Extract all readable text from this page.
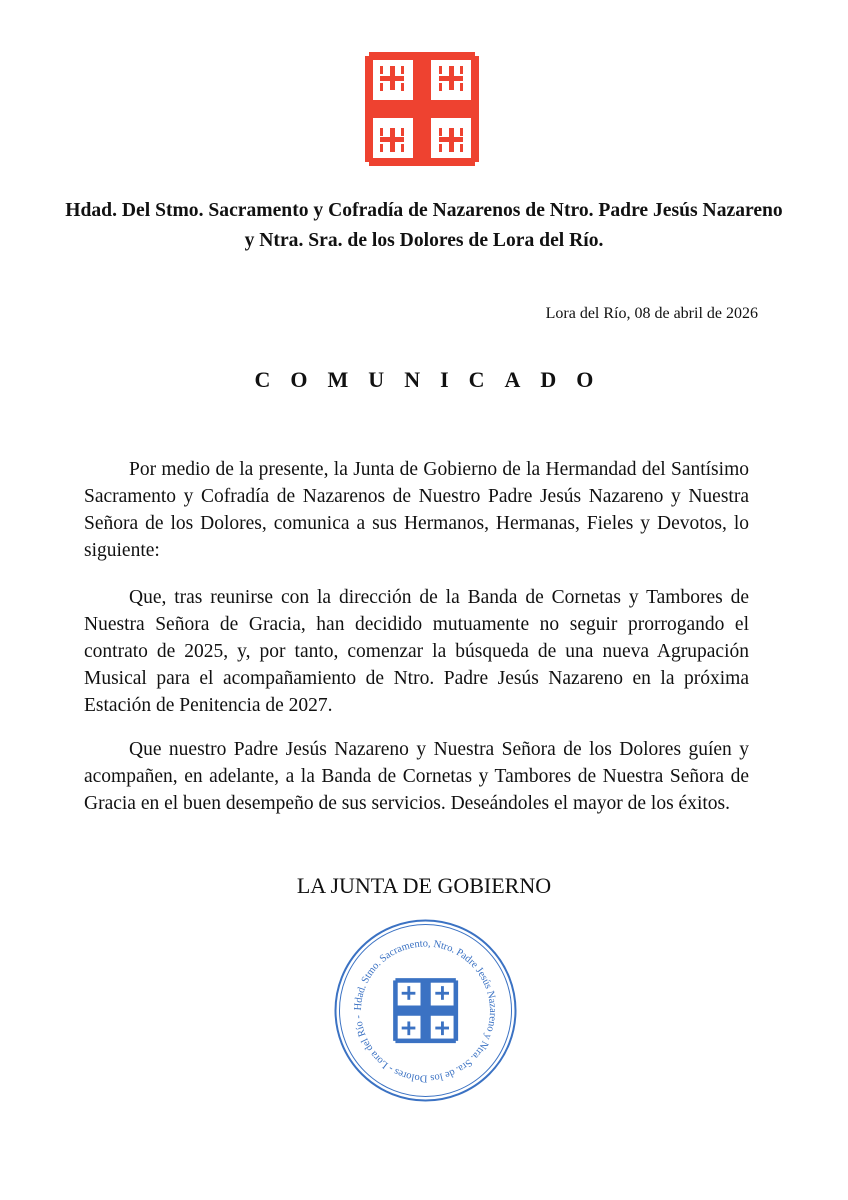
Hdad. Del Stmo. Sacramento y Cofradía de Nazarenos de Ntro. Padre Jesús Nazareno y Ntra. Sra. de los Dolores de Lora del Río.

Lora del Río, 08 de abril de 2026

COMUNICADO

Por medio de la presente, la Junta de Gobierno de la Hermandad del Santísimo Sacramento y Cofradía de Nazarenos de Nuestro Padre Jesús Nazareno y Nuestra Señora de los Dolores, comunica a sus Hermanos, Hermanas, Fieles y Devotos, lo siguiente:

Que, tras reunirse con la dirección de la Banda de Cornetas y Tambores de Nuestra Señora de Gracia, han decidido mutuamente no seguir prorrogando el contrato de 2025, y, por tanto, comenzar la búsqueda de una nueva Agrupación Musical para el acompañamiento de Ntro. Padre Jesús Nazareno en la próxima Estación de Penitencia de 2027.

Que nuestro Padre Jesús Nazareno y Nuestra Señora de los Dolores guíen y acompañen, en adelante, a la Banda de Cornetas y Tambores de Nuestra Señora de Gracia en el buen desempeño de sus servicios. Deseándoles el mayor de los éxitos.

LA JUNTA DE GOBIERNO

Hdad. Stmo. Sacramento, Ntro. Padre Jesús Nazareno y Ntra. Sra. de los Dolores - Lora del Río -
